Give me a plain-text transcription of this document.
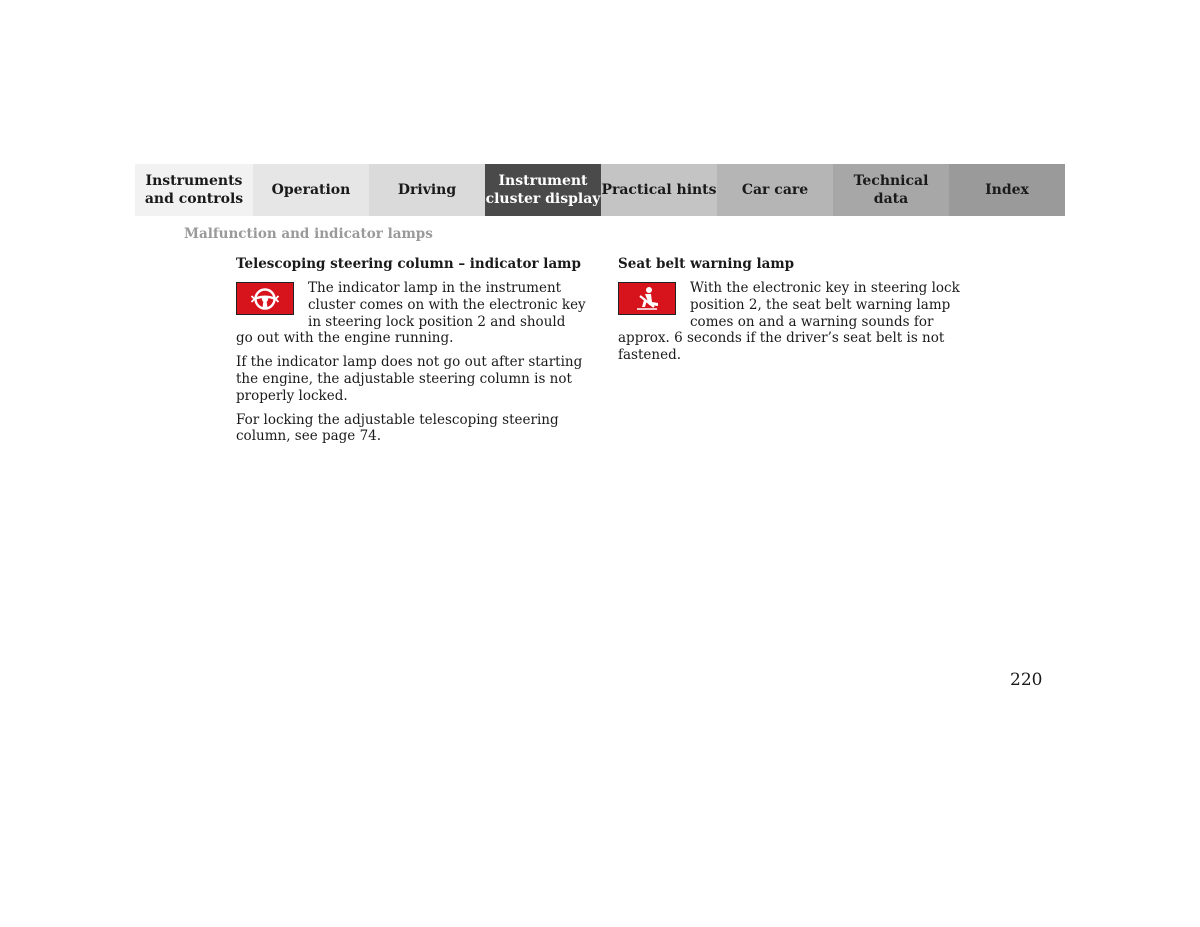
Instruments
and controls
Operation	Driving
Instrument
cluster display
Practical hints Car care
Technical
data
Index
Malfunction and indicator lamps
Telescoping steering column – indicator lamp

The indicator lamp in the instrument cluster comes on with the electronic key in steering lock position 2 and should go out with the engine running.

If the indicator lamp does not go out after starting the engine, the adjustable steering column is not properly locked.

For locking the adjustable telescoping steering column, see page 74.

Seat belt warning lamp

With the electronic key in steering lock position 2, the seat belt warning lamp comes on and a warning sounds for approx. 6 seconds if the driver’s seat belt is not fastened.

220
